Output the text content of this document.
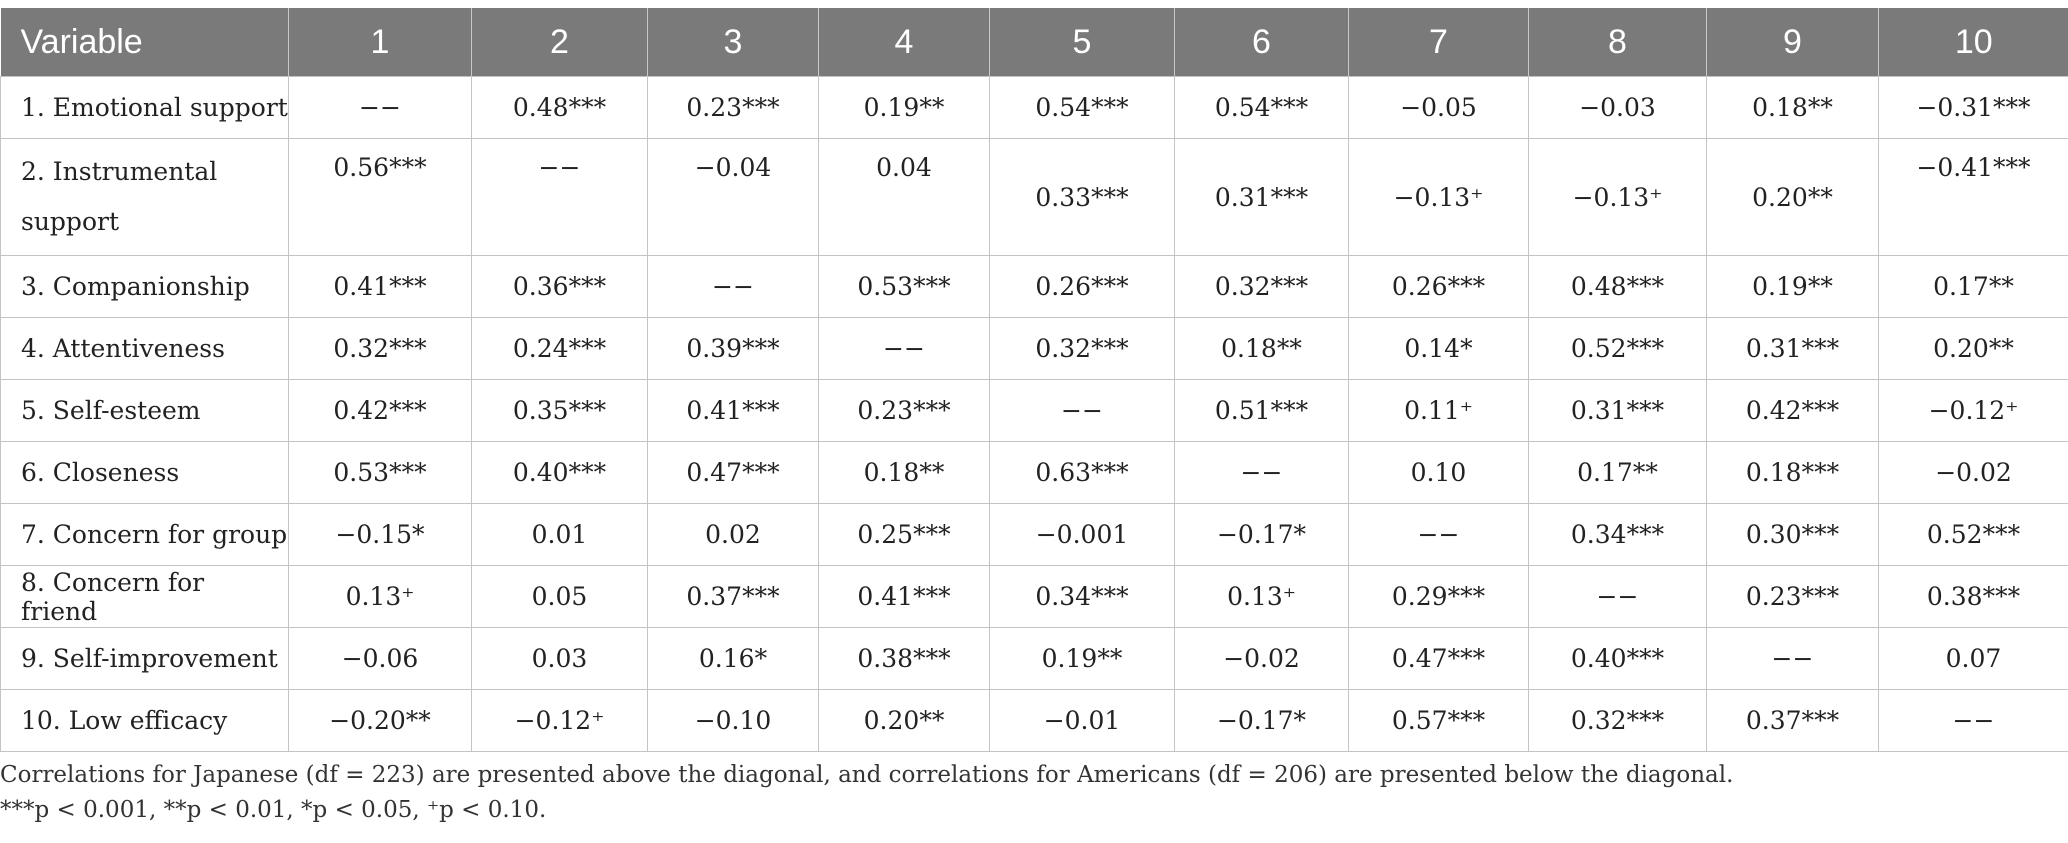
Variable	1	2	3	4	5	6	7	8	9	10
1. Emotional support	−−	0.48***	0.23***	0.19**	0.54***	0.54***	−0.05	−0.03	0.18**	−0.31***
2. Instrumental support	0.56***	−−	−0.04	0.04	0.33***	0.31***	−0.13⁺	−0.13⁺	0.20**	−0.41***
3. Companionship	0.41***	0.36***	−−	0.53***	0.26***	0.32***	0.26***	0.48***	0.19**	0.17**
4. Attentiveness	0.32***	0.24***	0.39***	−−	0.32***	0.18**	0.14*	0.52***	0.31***	0.20**
5. Self-esteem	0.42***	0.35***	0.41***	0.23***	−−	0.51***	0.11⁺	0.31***	0.42***	−0.12⁺
6. Closeness	0.53***	0.40***	0.47***	0.18**	0.63***	−−	0.10	0.17**	0.18***	−0.02
7. Concern for group	−0.15*	0.01	0.02	0.25***	−0.001	−0.17*	−−	0.34***	0.30***	0.52***
8. Concern for friend	0.13⁺	0.05	0.37***	0.41***	0.34***	0.13⁺	0.29***	−−	0.23***	0.38***
9. Self-improvement	−0.06	0.03	0.16*	0.38***	0.19**	−0.02	0.47***	0.40***	−−	0.07
10. Low efficacy	−0.20**	−0.12⁺	−0.10	0.20**	−0.01	−0.17*	0.57***	0.32***	0.37***	−−
Correlations for Japanese (df = 223) are presented above the diagonal, and correlations for Americans (df = 206) are presented below the diagonal.
***p < 0.001, **p < 0.01, *p < 0.05, ⁺p < 0.10.
